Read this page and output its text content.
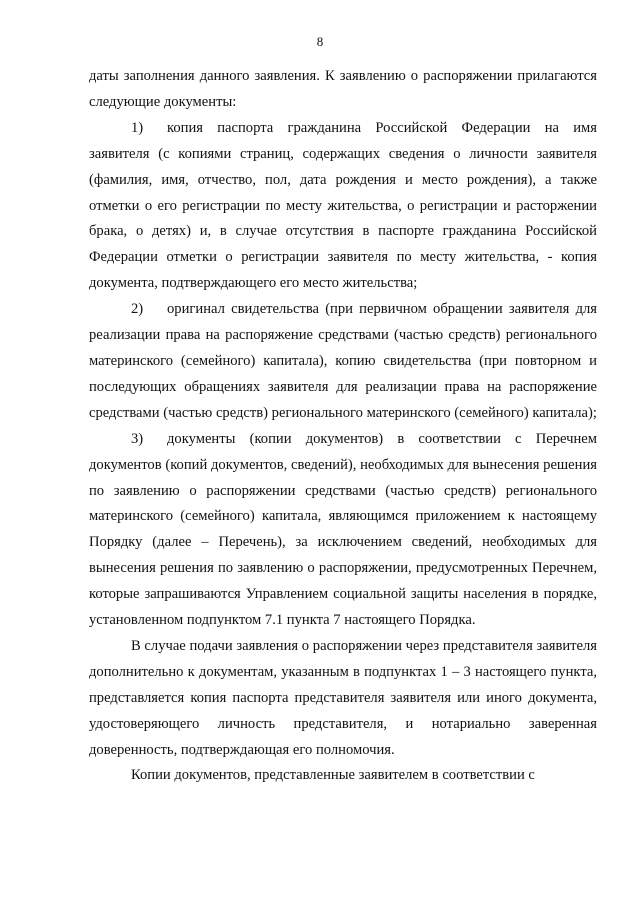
8

даты заполнения данного заявления. К заявлению о распоряжении прилагаются следующие документы:

1) копия паспорта гражданина Российской Федерации на имя заявителя (с копиями страниц, содержащих сведения о личности заявителя (фамилия, имя, отчество, пол, дата рождения и место рождения), а также отметки о его регистрации по месту жительства, о регистрации и расторжении брака, о детях) и, в случае отсутствия в паспорте гражданина Российской Федерации отметки о регистрации заявителя по месту жительства, - копия документа, подтверждающего его место жительства;

2) оригинал свидетельства (при первичном обращении заявителя для реализации права на распоряжение средствами (частью средств) регионального материнского (семейного) капитала), копию свидетельства (при повторном и последующих обращениях заявителя для реализации права на распоряжение средствами (частью средств) регионального материнского (семейного) капитала);

3) документы (копии документов) в соответствии с Перечнем документов (копий документов, сведений), необходимых для вынесения решения по заявлению о распоряжении средствами (частью средств) регионального материнского (семейного) капитала, являющимся приложением к настоящему Порядку (далее – Перечень), за исключением сведений, необходимых для вынесения решения по заявлению о распоряжении, предусмотренных Перечнем, которые запрашиваются Управлением социальной защиты населения в порядке, установленном подпунктом 7.1 пункта 7 настоящего Порядка.

В случае подачи заявления о распоряжении через представителя заявителя дополнительно к документам, указанным в подпунктах 1 – 3 настоящего пункта, представляется копия паспорта представителя заявителя или иного документа, удостоверяющего личность представителя, и нотариально заверенная доверенность, подтверждающая его полномочия.

Копии документов, представленные заявителем в соответствии с
